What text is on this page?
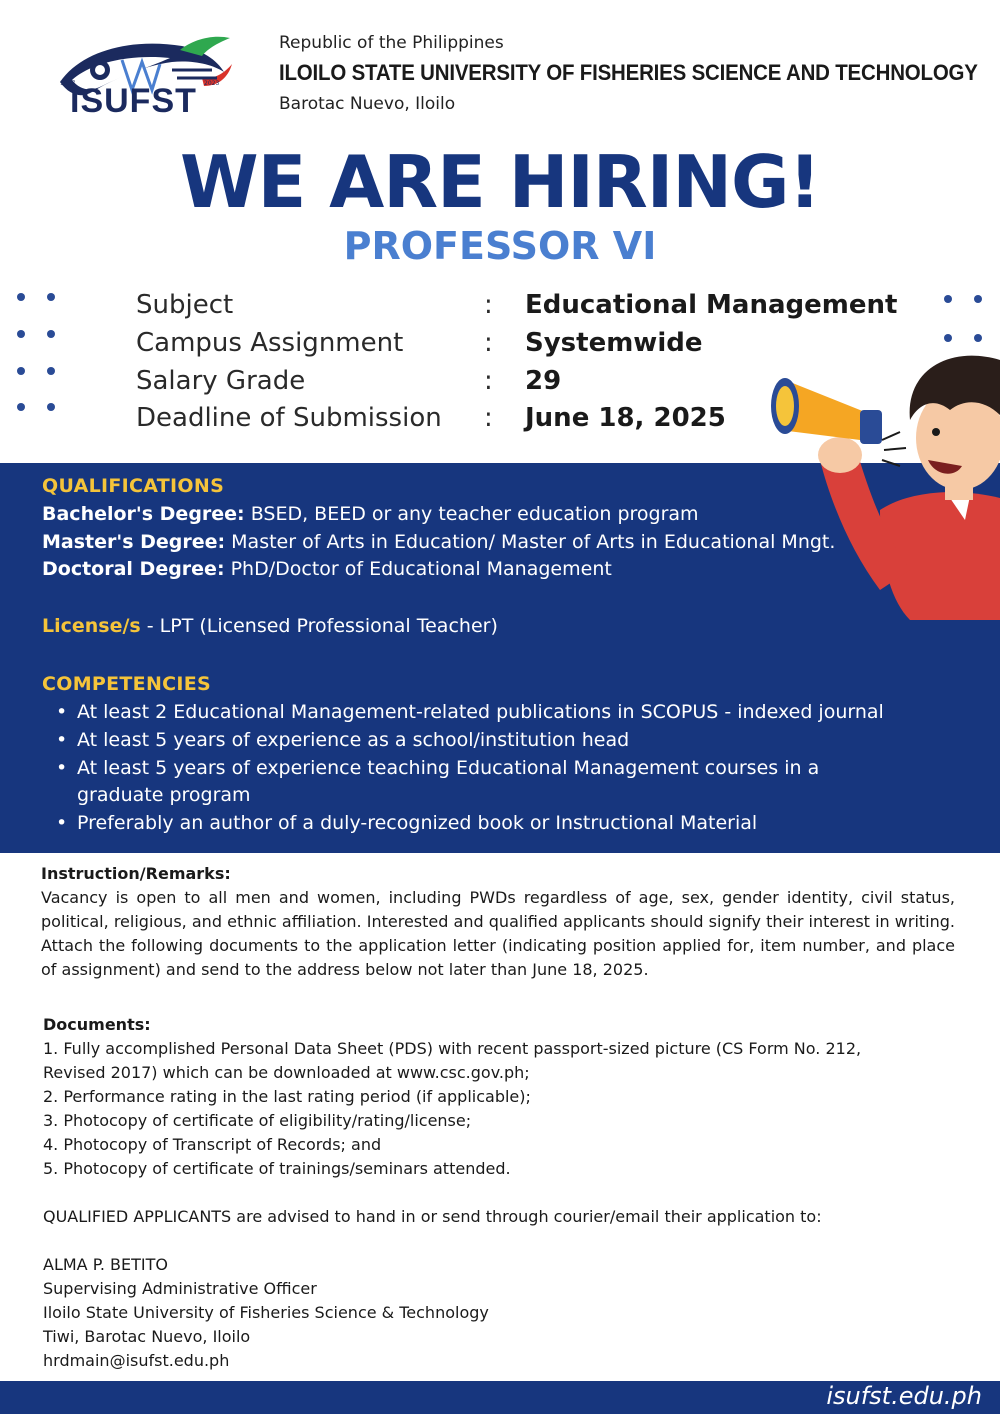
1957	2023
ISUFST
Republic of the Philippines
ILOILO STATE UNIVERSITY OF FISHERIES SCIENCE AND TECHNOLOGY
Barotac Nuevo, Iloilo
WE ARE HIRING!
PROFESSOR VI
Subject	: Educational Management
Campus Assignment	: Systemwide
Salary Grade	: 29
Deadline of Submission : June 18, 2025
QUALIFICATIONS
Bachelor's Degree: BSED, BEED or any teacher education program
Master's Degree: Master of Arts in Education/ Master of Arts in Educational Mngt.
Doctoral Degree: PhD/Doctor of Educational Management
License/s - LPT (Licensed Professional Teacher)
COMPETENCIES
• At least 2 Educational Management-related publications in SCOPUS - indexed journal
• At least 5 years of experience as a school/institution head
• At least 5 years of experience teaching Educational Management courses in a
graduate program
• Preferably an author of a duly-recognized book or Instructional Material
Instruction/Remarks:
Vacancy is open to all men and women, including PWDs regardless of age, sex, gender identity, civil status, political, religious, and ethnic affiliation. Interested and qualified applicants should signify their interest in writing. Attach the following documents to the application letter (indicating position applied for, item number, and place of assignment) and send to the address below not later than June 18, 2025.
Documents:
1. Fully accomplished Personal Data Sheet (PDS) with recent passport-sized picture (CS Form No. 212,
Revised 2017) which can be downloaded at www.csc.gov.ph;
2. Performance rating in the last rating period (if applicable);
3. Photocopy of certificate of eligibility/rating/license;
4. Photocopy of Transcript of Records; and
5. Photocopy of certificate of trainings/seminars attended.
QUALIFIED APPLICANTS are advised to hand in or send through courier/email their application to:
ALMA P. BETITO
Supervising Administrative Officer
Iloilo State University of Fisheries Science & Technology
Tiwi, Barotac Nuevo, Iloilo
hrdmain@isufst.edu.ph
isufst.edu.ph
